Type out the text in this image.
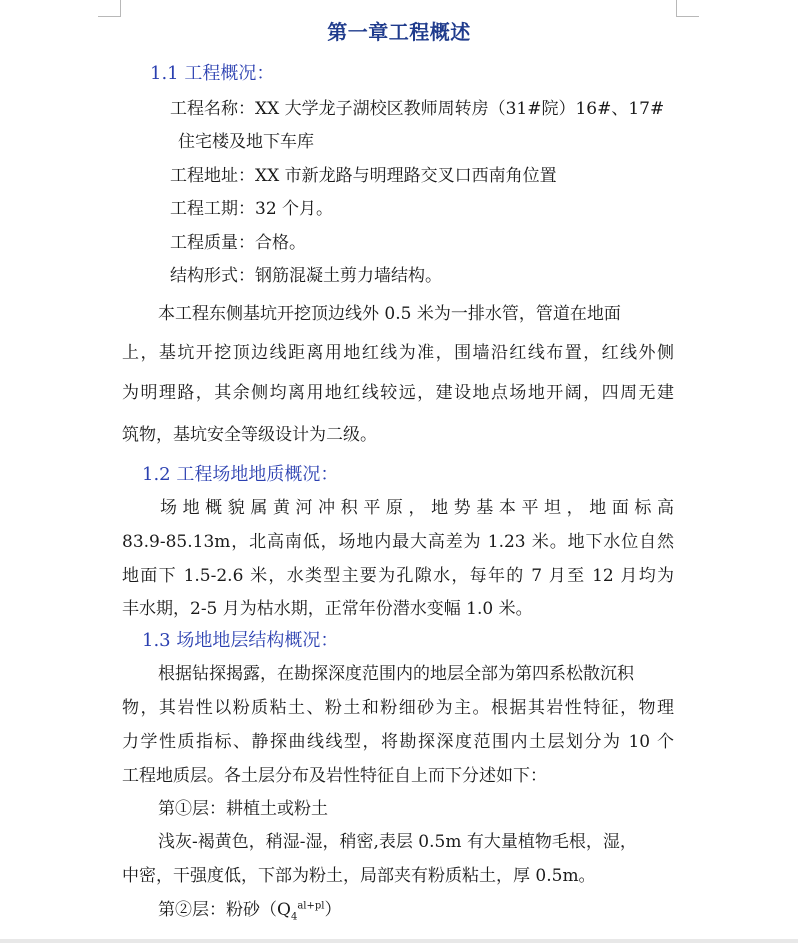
第一章工程概述

1.1 工程概况：

工程名称：XX 大学龙子湖校区教师周转房（31#院）16#、17#

住宅楼及地下车库

工程地址：XX 市新龙路与明理路交叉口西南角位置

工程工期：32 个月。

工程质量：合格。

结构形式：钢筋混凝土剪力墙结构。

本工程东侧基坑开挖顶边线外 0.5 米为一排水管，管道在地面

上，基坑开挖顶边线距离用地红线为准，围墙沿红线布置，红线外侧

为明理路，其余侧均离用地红线较远，建设地点场地开阔，四周无建

筑物，基坑安全等级设计为二级。

1.2 工程场地地质概况：

场地概貌属黄河冲积平原，地势基本平坦，地面标高

83.9-85.13m，北高南低，场地内最大高差为 1.23 米。地下水位自然

地面下 1.5-2.6 米，水类型主要为孔隙水，每年的 7 月至 12 月均为

丰水期，2-5 月为枯水期，正常年份潜水变幅 1.0 米。

1.3 场地地层结构概况：

根据钻探揭露，在勘探深度范围内的地层全部为第四系松散沉积

物，其岩性以粉质粘土、粉土和粉细砂为主。根据其岩性特征，物理

力学性质指标、静探曲线线型，将勘探深度范围内土层划分为 10 个

工程地质层。各土层分布及岩性特征自上而下分述如下：

第①层：耕植土或粉土

浅灰-褐黄色，稍湿-湿，稍密,表层 0.5m 有大量植物毛根，湿，

中密，干强度低，下部为粉土，局部夹有粉质粘土，厚 0.5m。

第②层：粉砂$(Q_4^{al+pl})$
